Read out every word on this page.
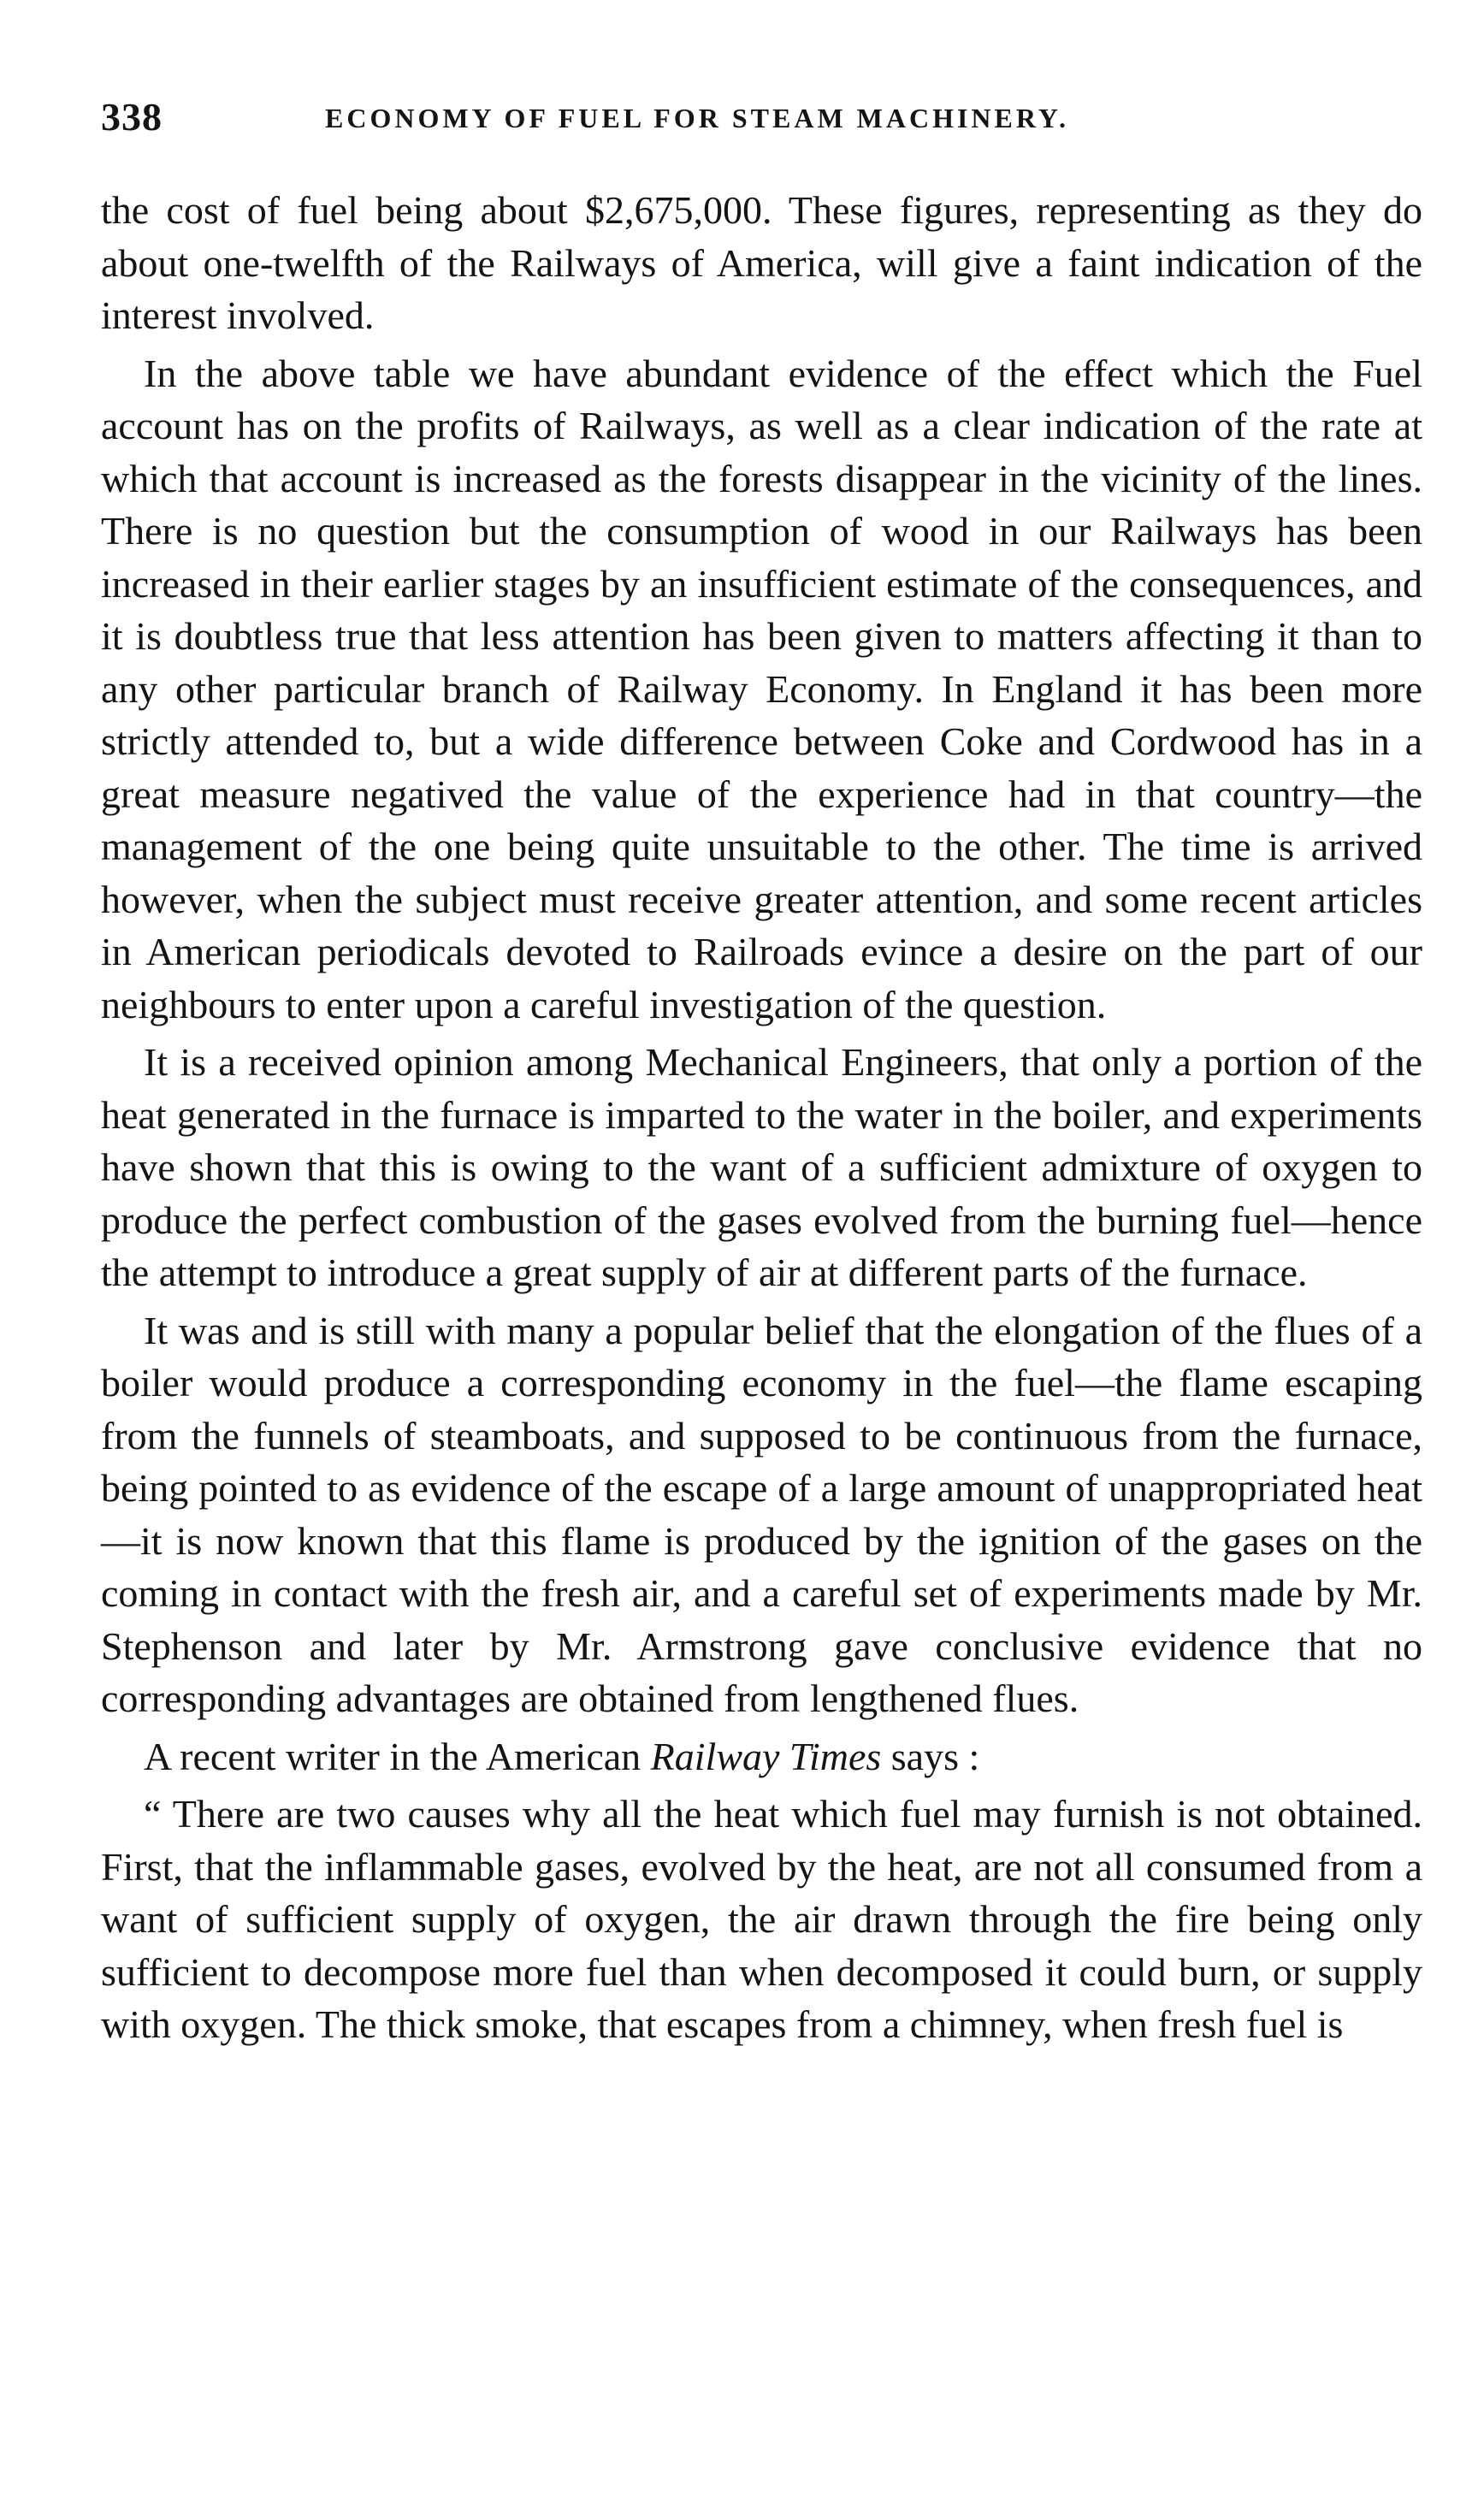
338	ECONOMY OF FUEL FOR STEAM MACHINERY.

the cost of fuel being about $2,675,000. These figures, representing as they do about one-twelfth of the Railways of America, will give a faint indication of the interest involved.

In the above table we have abundant evidence of the effect which the Fuel account has on the profits of Railways, as well as a clear indication of the rate at which that account is increased as the forests disappear in the vicinity of the lines. There is no question but the consumption of wood in our Railways has been increased in their earlier stages by an insufficient estimate of the consequences, and it is doubtless true that less attention has been given to matters affecting it than to any other particular branch of Railway Economy. In England it has been more strictly attended to, but a wide difference between Coke and Cordwood has in a great measure negatived the value of the experience had in that country—the management of the one being quite unsuitable to the other. The time is arrived however, when the subject must receive greater attention, and some recent articles in American periodicals devoted to Railroads evince a desire on the part of our neighbours to enter upon a careful investigation of the question.

It is a received opinion among Mechanical Engineers, that only a portion of the heat generated in the furnace is imparted to the water in the boiler, and experiments have shown that this is owing to the want of a sufficient admixture of oxygen to produce the perfect combustion of the gases evolved from the burning fuel—hence the attempt to introduce a great supply of air at different parts of the furnace.

It was and is still with many a popular belief that the elongation of the flues of a boiler would produce a corresponding economy in the fuel—the flame escaping from the funnels of steamboats, and supposed to be continuous from the furnace, being pointed to as evidence of the escape of a large amount of unappropriated heat—it is now known that this flame is produced by the ignition of the gases on the coming in contact with the fresh air, and a careful set of experiments made by Mr. Stephenson and later by Mr. Armstrong gave conclusive evidence that no corresponding advantages are obtained from lengthened flues.

A recent writer in the American Railway Times says :

“ There are two causes why all the heat which fuel may furnish is not obtained. First, that the inflammable gases, evolved by the heat, are not all consumed from a want of sufficient supply of oxygen, the air drawn through the fire being only sufficient to decompose more fuel than when decomposed it could burn, or supply with oxygen. The thick smoke, that escapes from a chimney, when fresh fuel is
